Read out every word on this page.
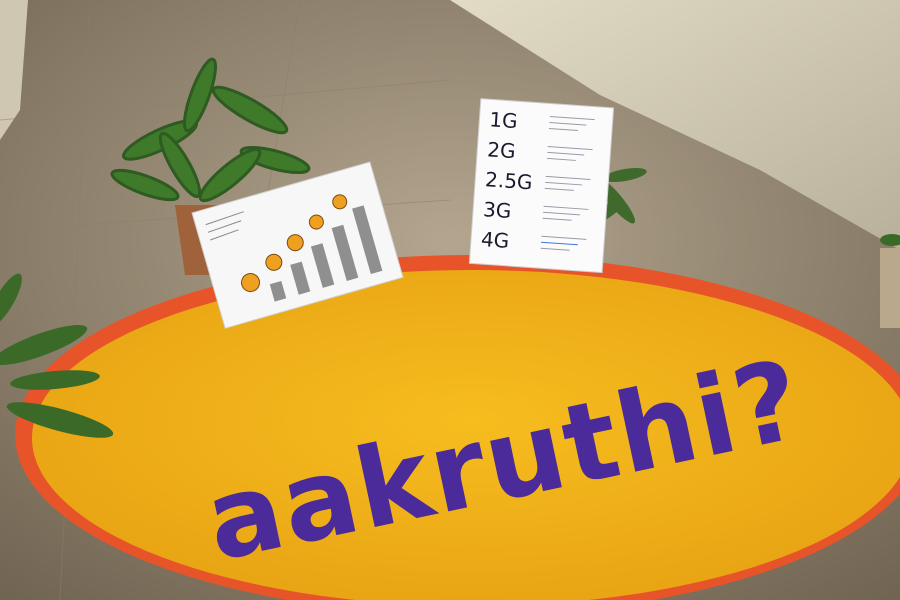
aakruthi?
1G
2G
2.5G
3G
4G
